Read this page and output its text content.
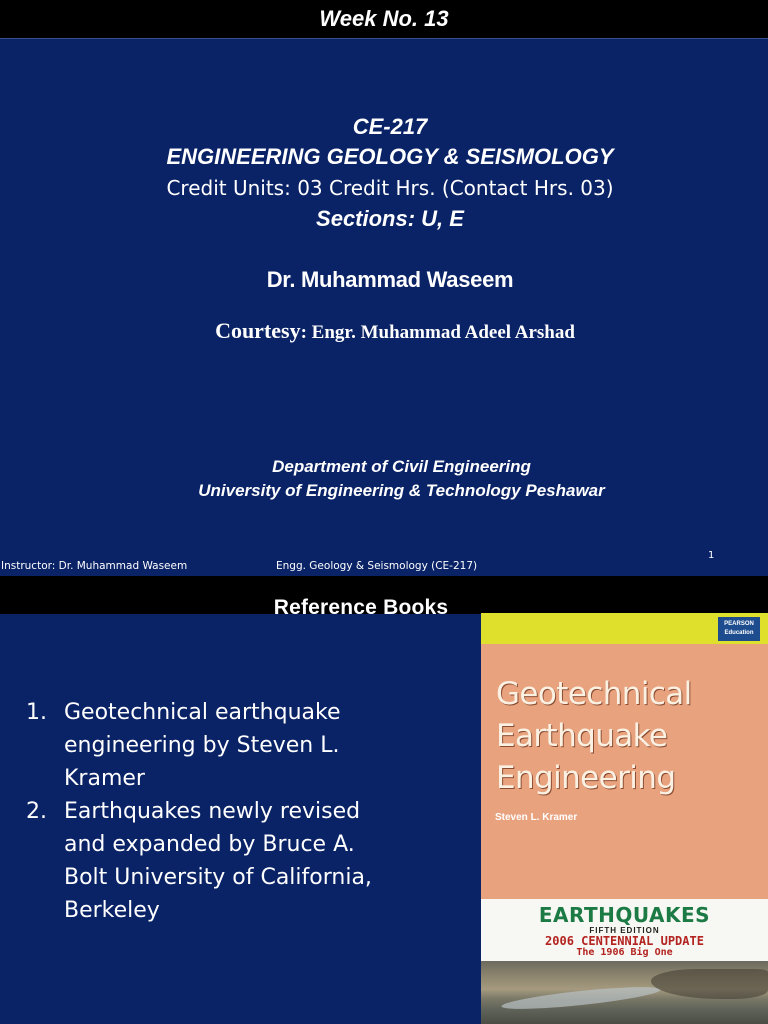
Week No. 13
CE-217
ENGINEERING GEOLOGY & SEISMOLOGY
Credit Units: 03 Credit Hrs. (Contact Hrs. 03)
Sections: U, E
Dr. Muhammad Waseem
Courtesy: Engr. Muhammad Adeel Arshad
Department of Civil Engineering
University of Engineering & Technology Peshawar
Instructor: Dr. Muhammad Waseem	Engg. Geology & Seismology (CE-217)
1
Reference Books
1. Geotechnical earthquake engineering by Steven L. Kramer
2. Earthquakes newly revised and expanded by Bruce A. Bolt University of California, Berkeley
PEARSON
Education
Geotechnical
Earthquake
Engineering
Steven L. Kramer
EARTHQUAKES
FIFTH EDITION
2006 CENTENNIAL UPDATE
The 1906 Big One
